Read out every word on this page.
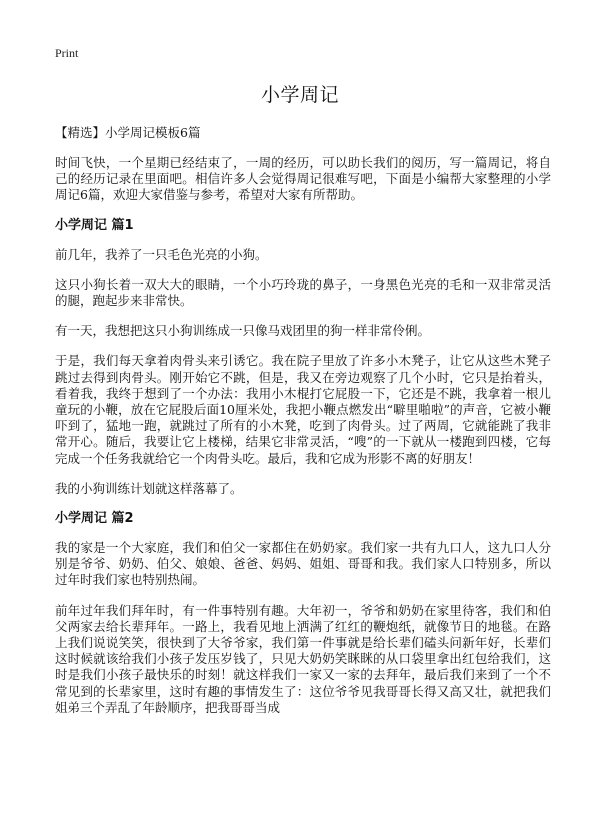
Print
小学周记

【精选】小学周记模板6篇

时间飞快，一个星期已经结束了，一周的经历，可以助长我们的阅历，写一篇周记，将自己的经历记录在里面吧。相信许多人会觉得周记很难写吧，下面是小编帮大家整理的小学周记6篇，欢迎大家借鉴与参考，希望对大家有所帮助。

小学周记 篇1

前几年，我养了一只毛色光亮的小狗。

这只小狗长着一双大大的眼睛，一个小巧玲珑的鼻子，一身黑色光亮的毛和一双非常灵活的腿，跑起步来非常快。

有一天，我想把这只小狗训练成一只像马戏团里的狗一样非常伶俐。

于是，我们每天拿着肉骨头来引诱它。我在院子里放了许多小木凳子，让它从这些木凳子跳过去得到肉骨头。刚开始它不跳，但是，我又在旁边观察了几个小时，它只是抬着头，看着我，我终于想到了一个办法：我用小木棍打它屁股一下，它还是不跳，我拿着一根儿童玩的小鞭，放在它屁股后面10厘米处，我把小鞭点燃发出“噼里啪啦”的声音，它被小鞭吓到了，猛地一跑，就跳过了所有的小木凳，吃到了肉骨头。过了两周，它就能跳了我非常开心。随后，我要让它上楼梯，结果它非常灵活，“嗖”的一下就从一楼跑到四楼，它每完成一个任务我就给它一个肉骨头吃。最后，我和它成为形影不离的好朋友！

我的小狗训练计划就这样落幕了。

小学周记 篇2

我的家是一个大家庭，我们和伯父一家都住在奶奶家。我们家一共有九口人，这九口人分别是爷爷、奶奶、伯父、娘娘、爸爸、妈妈、姐姐、哥哥和我。我们家人口特别多，所以过年时我们家也特别热闹。

前年过年我们拜年时，有一件事特别有趣。大年初一，爷爷和奶奶在家里待客，我们和伯父两家去给长辈拜年。一路上，我看见地上洒满了红红的鞭炮纸，就像节日的地毯。在路上我们说说笑笑，很快到了大爷爷家，我们第一件事就是给长辈们磕头问新年好，长辈们这时候就该给我们小孩子发压岁钱了，只见大奶奶笑眯眯的从口袋里拿出红包给我们，这时是我们小孩子最快乐的时刻！就这样我们一家又一家的去拜年，最后我们来到了一个不常见到的长辈家里，这时有趣的事情发生了：这位爷爷见我哥哥长得又高又壮，就把我们姐弟三个弄乱了年龄顺序，把我哥哥当成
